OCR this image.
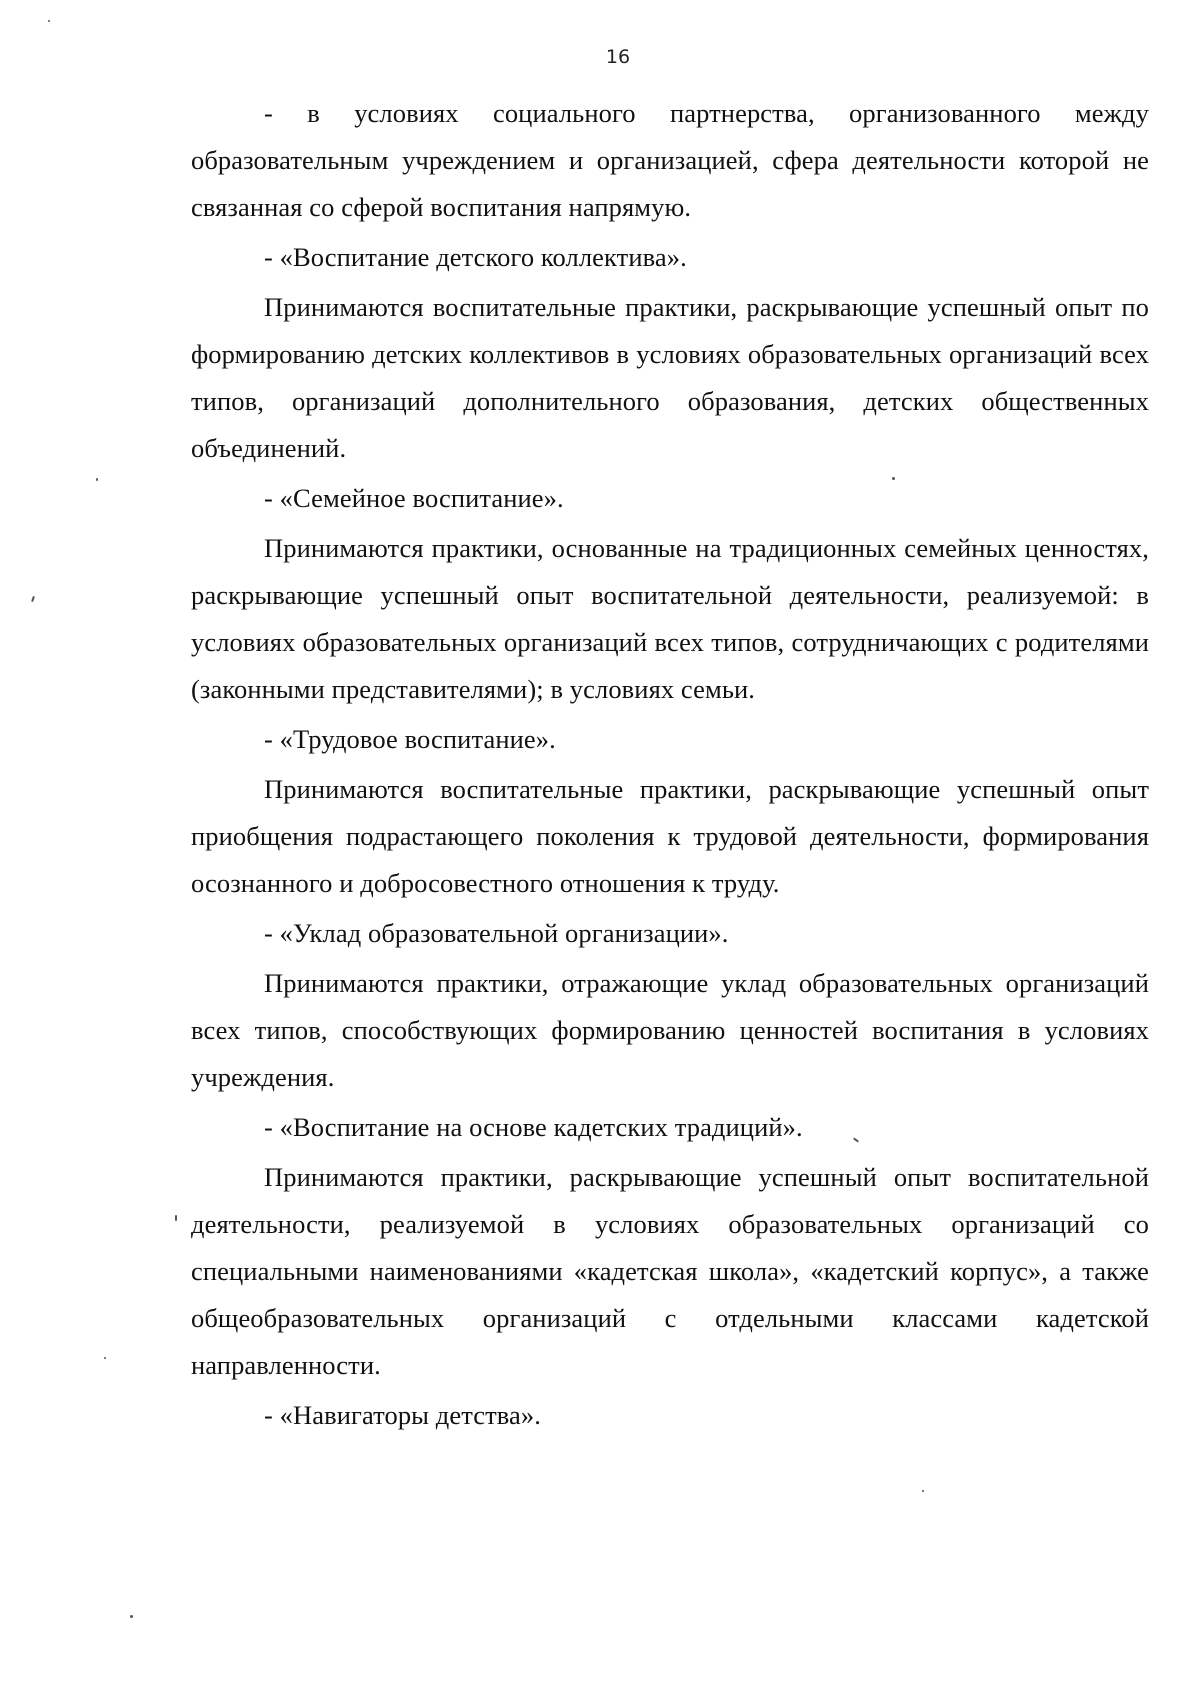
16

- в условиях социального партнерства, организованного между образовательным учреждением и организацией, сфера деятельности которой не связанная со сферой воспитания напрямую.

- «Воспитание детского коллектива».

Принимаются воспитательные практики, раскрывающие успешный опыт по формированию детских коллективов в условиях образовательных организаций всех типов, организаций дополнительного образования, детских общественных объединений.

- «Семейное воспитание».

Принимаются практики, основанные на традиционных семейных ценностях, раскрывающие успешный опыт воспитательной деятельности, реализуемой: в условиях образовательных организаций всех типов, сотрудничающих с родителями (законными представителями); в условиях семьи.

- «Трудовое воспитание».

Принимаются воспитательные практики, раскрывающие успешный опыт приобщения подрастающего поколения к трудовой деятельности, формирования осознанного и добросовестного отношения к труду.

- «Уклад образовательной организации».

Принимаются практики, отражающие уклад образовательных организаций всех типов, способствующих формированию ценностей воспитания в условиях учреждения.

- «Воспитание на основе кадетских традиций».

Принимаются практики, раскрывающие успешный опыт воспитательной деятельности, реализуемой в условиях образовательных организаций со специальными наименованиями «кадетская школа», «кадетский корпус», а также общеобразовательных организаций с отдельными классами кадетской направленности.

- «Навигаторы детства».
